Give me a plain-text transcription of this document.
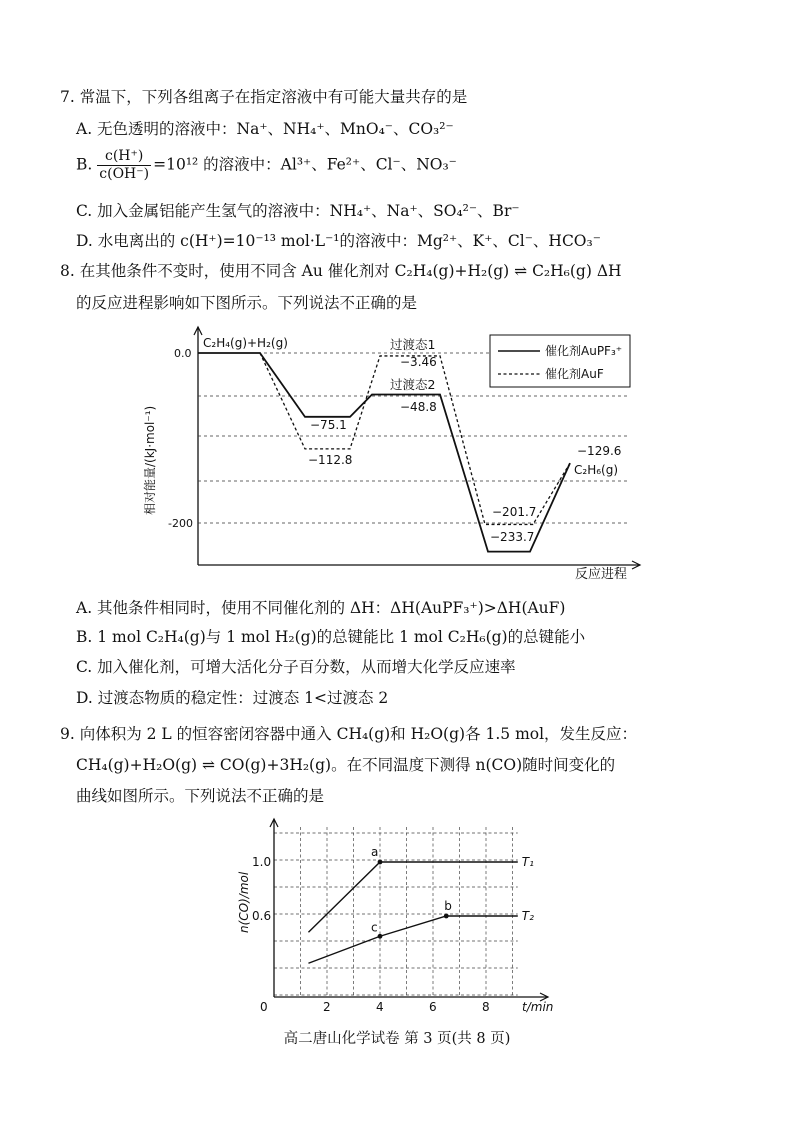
7. 常温下，下列各组离子在指定溶液中有可能大量共存的是
A. 无色透明的溶液中：Na⁺、NH₄⁺、MnO₄⁻、CO₃²⁻
B. $\frac{c(H^+)}{c(OH^-)} =10^{12}$ 的溶液中：Al³⁺、Fe²⁺、Cl⁻、NO₃⁻
C. 加入金属铝能产生氢气的溶液中：NH₄⁺、Na⁺、SO₄²⁻、Br⁻
D. 水电离出的 c(H⁺)=10⁻¹³ mol·L⁻¹的溶液中：Mg²⁺、K⁺、Cl⁻、HCO₃⁻
8. 在其他条件不变时，使用不同含 Au 催化剂对 C₂H₄(g)+H₂(g) ⇌ C₂H₆(g) ΔH
的反应进程影响如下图所示。下列说法不正确的是
0.0
-200
相对能量/(kJ·mol⁻¹)
反应进程
C₂H₄(g)+H₂(g)	过渡态1
−3.46
过渡态2
−48.8
−75.1
−112.8
−201.7
−233.7
−129.6
C₂H₆(g)
催化剂AuPF₃⁺
催化剂AuF
A. 其他条件相同时，使用不同催化剂的 ΔH：ΔH(AuPF₃⁺)>ΔH(AuF)
B. 1 mol C₂H₄(g)与 1 mol H₂(g)的总键能比 1 mol C₂H₆(g)的总键能小
C. 加入催化剂，可增大活化分子百分数，从而增大化学反应速率
D. 过渡态物质的稳定性：过渡态 1<过渡态 2
9. 向体积为 2 L 的恒容密闭容器中通入 CH₄(g)和 H₂O(g)各 1.5 mol，发生反应：
CH₄(g)+H₂O(g) ⇌ CO(g)+3H₂(g)。在不同温度下测得 n(CO)随时间变化的
曲线如图所示。下列说法不正确的是
0	2	4	6	8
1.0
0.6
n(CO)/mol
t/min
T₁
T₂
a
b
c
高二唐山化学试卷 第 3 页(共 8 页)
